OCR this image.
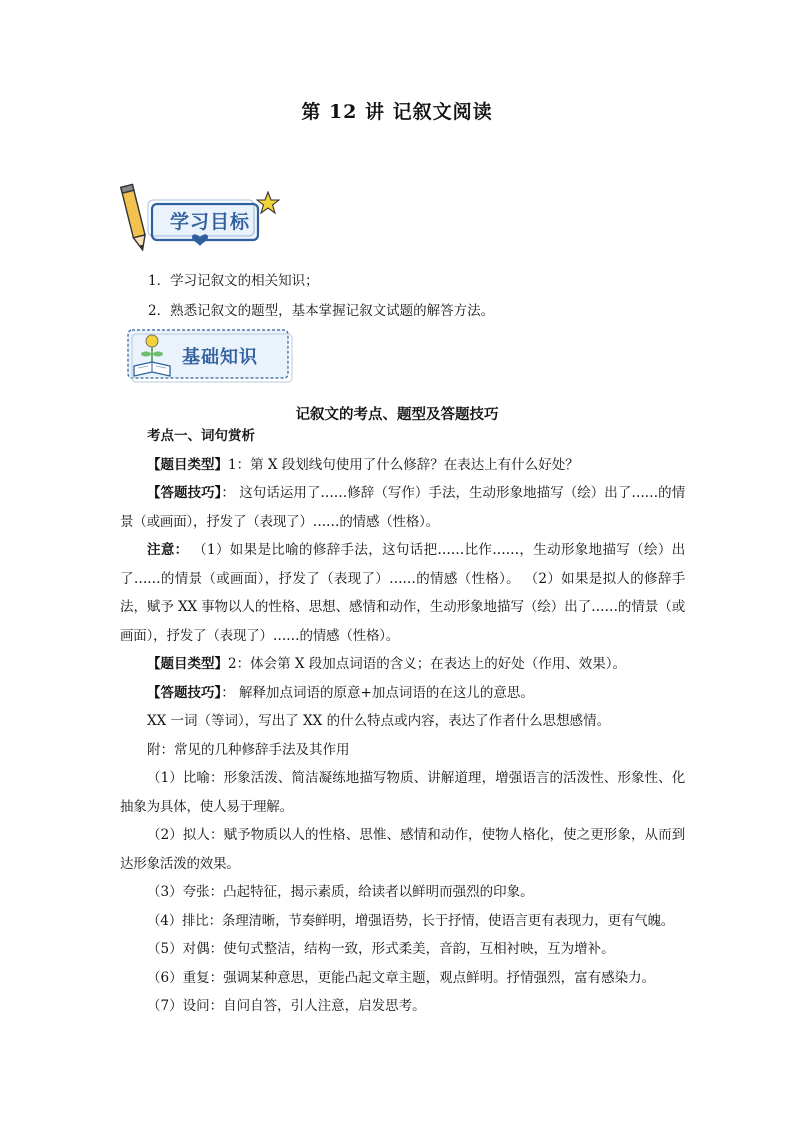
第 12 讲 记叙文阅读
学习目标
1．学习记叙文的相关知识；
2．熟悉记叙文的题型，基本掌握记叙文试题的解答方法。
基础知识
记叙文的考点、题型及答题技巧

考点一、词句赏析

【题目类型】1：第 X 段划线句使用了什么修辞？在表达上有什么好处？

【答题技巧】： 这句话运用了……修辞（写作）手法，生动形象地描写（绘）出了……的情景（或画面），抒发了（表现了）……的情感（性格）。

注意： （1）如果是比喻的修辞手法，这句话把……比作……，生动形象地描写（绘）出了……的情景（或画面），抒发了（表现了）……的情感（性格）。 （2）如果是拟人的修辞手法，赋予 XX 事物以人的性格、思想、感情和动作，生动形象地描写（绘）出了……的情景（或画面），抒发了（表现了）……的情感（性格）。

【题目类型】2：体会第 X 段加点词语的含义；在表达上的好处（作用、效果）。

【答题技巧】： 解释加点词语的原意+加点词语的在这儿的意思。

XX 一词（等词），写出了 XX 的什么特点或内容，表达了作者什么思想感情。

附：常见的几种修辞手法及其作用

（1）比喻：形象活泼、简洁凝练地描写物质、讲解道理，增强语言的活泼性、形象性、化抽象为具体，使人易于理解。

（2）拟人：赋予物质以人的性格、思惟、感情和动作，使物人格化，使之更形象，从而到达形象活泼的效果。

（3）夸张：凸起特征，揭示素质，给读者以鲜明而强烈的印象。

（4）排比：条理清晰，节奏鲜明，增强语势，长于抒情，使语言更有表现力，更有气魄。

（5）对偶：使句式整洁，结构一致，形式柔美，音韵，互相衬映，互为增补。

（6）重复：强调某种意思，更能凸起文章主题，观点鲜明。抒情强烈，富有感染力。

（7）设问：自问自答，引人注意，启发思考。
